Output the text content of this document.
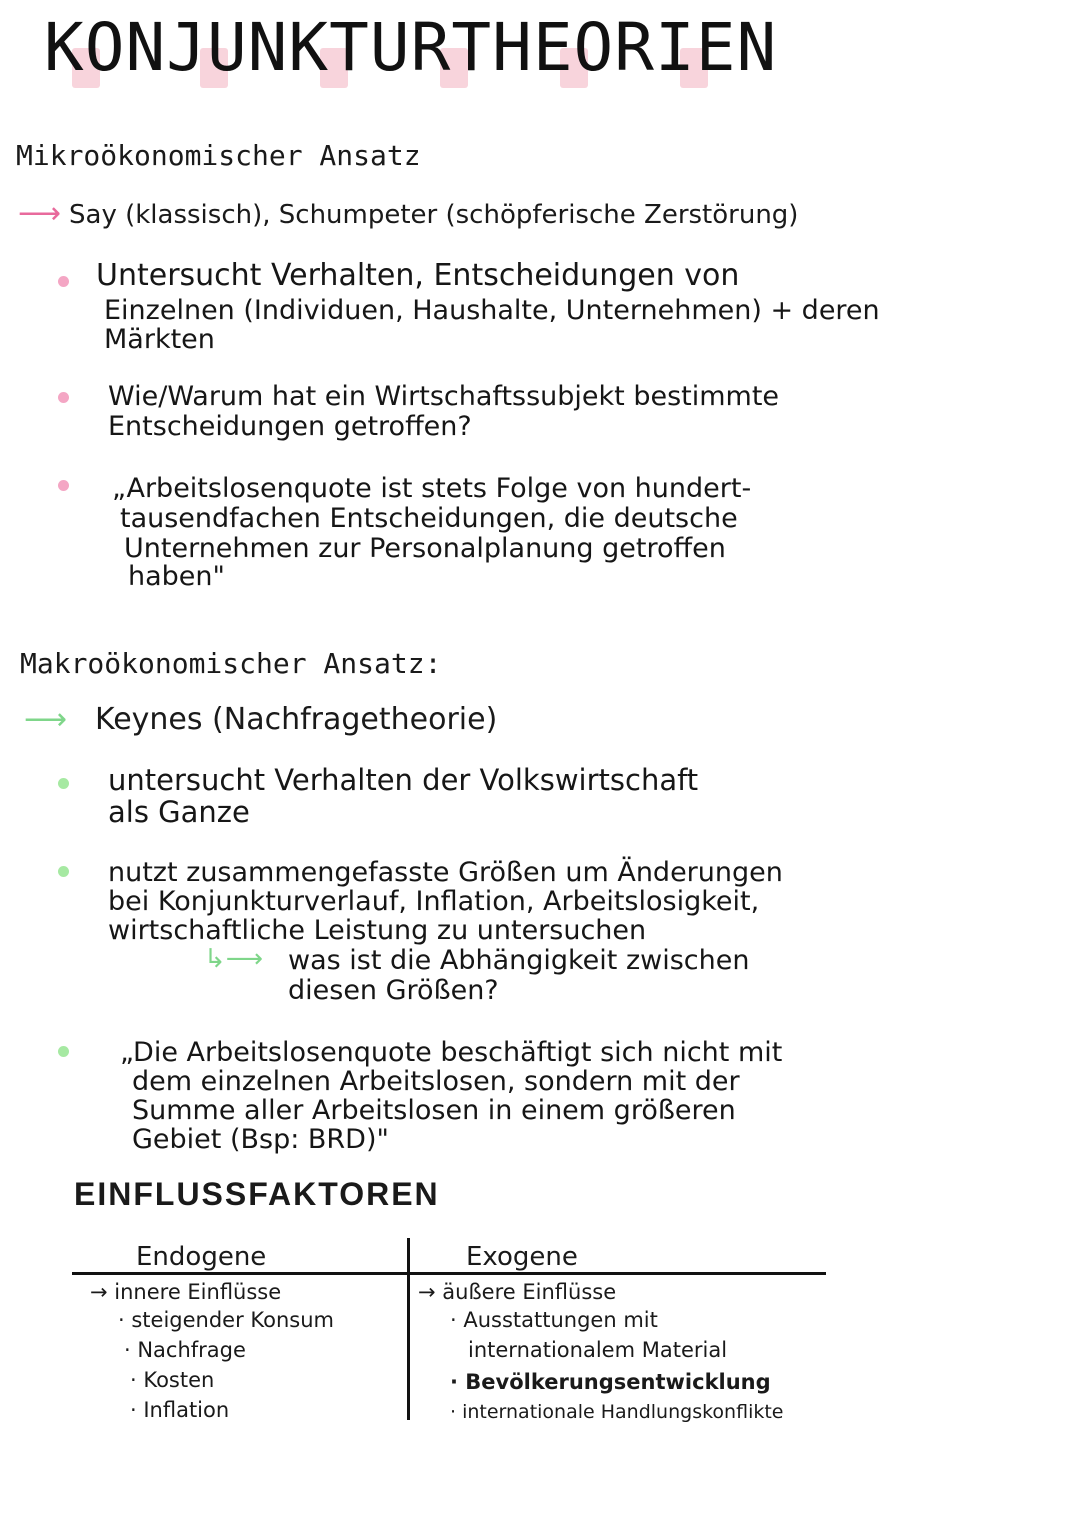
KONJUNKTURTHEORIEN
Mikroökonomischer Ansatz
⟶ Say (klassisch), Schumpeter (schöpferische Zerstörung)
Untersucht Verhalten, Entscheidungen von
Einzelnen (Individuen, Haushalte, Unternehmen) + deren
Märkten
Wie/Warum hat ein Wirtschaftssubjekt bestimmte
Entscheidungen getroffen?
„Arbeitslosenquote ist stets Folge von hundert-
tausendfachen Entscheidungen, die deutsche
Unternehmen zur Personalplanung getroffen
haben"
Makroökonomischer Ansatz:
⟶ Keynes (Nachfragetheorie)
untersucht Verhalten der Volkswirtschaft
als Ganze
nutzt zusammengefasste Größen um Änderungen
bei Konjunkturverlauf, Inflation, Arbeitslosigkeit,
wirtschaftliche Leistung zu untersuchen
↳⟶ was ist die Abhängigkeit zwischen
diesen Größen?
„Die Arbeitslosenquote beschäftigt sich nicht mit
dem einzelnen Arbeitslosen, sondern mit der
Summe aller Arbeitslosen in einem größeren
Gebiet (Bsp: BRD)"
EINFLUSSFAKTOREN
Endogene
→ innere Einflüsse
· steigender Konsum
· Nachfrage
· Kosten
· Inflation
Exogene
→ äußere Einflüsse
· Ausstattungen mit
internationalem Material
· Bevölkerungsentwicklung
· internationale Handlungskonflikte
